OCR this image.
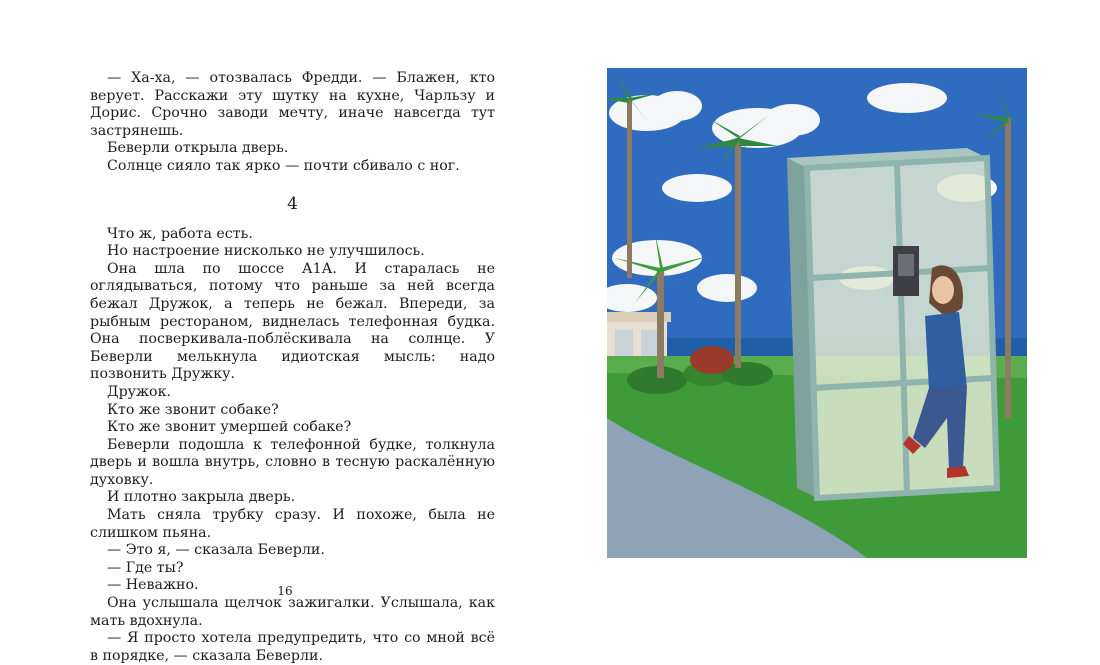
— Ха-ха, — отозвалась Фредди. — Блажен, кто верует. Расскажи эту шутку на кухне, Чарльзу и Дорис. Срочно заводи мечту, иначе навсегда тут застрянешь.

Беверли открыла дверь.

Солнце сияло так ярко — почти сбивало с ног.

4

Что ж, работа есть.

Но настроение нисколько не улучшилось.

Она шла по шоссе А1А. И старалась не оглядываться, потому что раньше за ней всегда бежал Дружок, а теперь не бежал. Впереди, за рыбным рестораном, виднелась телефонная будка. Она посверкивала-поблёскивала на солнце. У Беверли мелькнула идиотская мысль: надо позвонить Дружку.

Дружок.

Кто же звонит собаке?

Кто же звонит умершей собаке?

Беверли подошла к телефонной будке, толкнула дверь и вошла внутрь, словно в тесную раскалённую духовку.

И плотно закрыла дверь.

Мать сняла трубку сразу. И похоже, была не слишком пьяна.

— Это я, — сказала Беверли.

— Где ты?

— Неважно.

Она услышала щелчок зажигалки. Услышала, как мать вдохнула.

— Я просто хотела предупредить, что со мной всё в порядке, — сказала Беверли.

16
